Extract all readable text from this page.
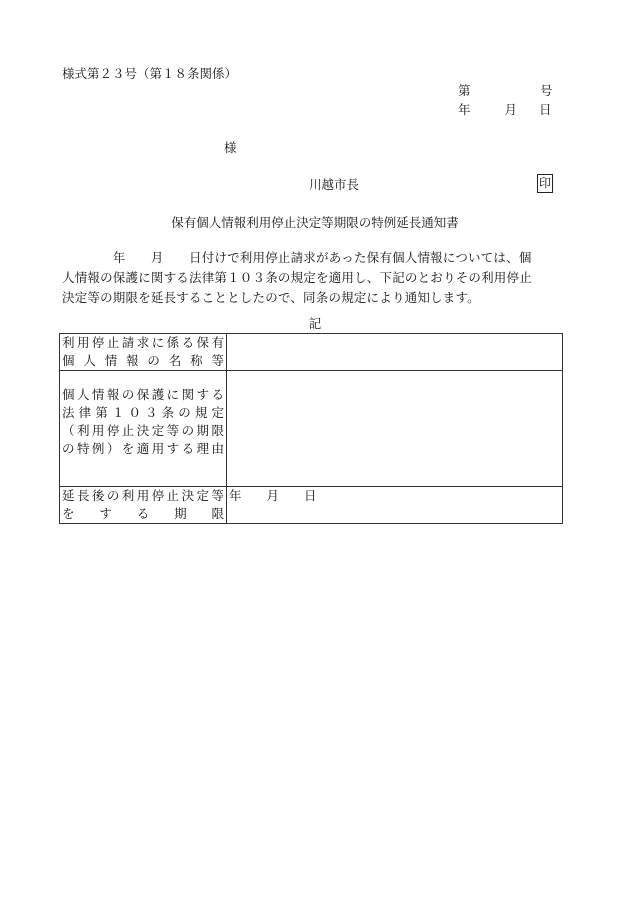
様式第２３号（第１８条関係）
第	号
年	月 日
様
川越市長	印
保有個人情報利用停止決定等期限の特例延長通知書
　　　　年　　月　　日付けで利用停止請求があった保有個人情報については、個
人情報の保護に関する法律第１０３条の規定を適用し、下記のとおりその利用停止
決定等の期限を延長することとしたので、同条の規定により通知します。
記
利用停止請求に係る保有
個人情報の名称等	

個人情報の保護に関する
法律第１０３条の規定
（利用停止決定等の期限
の特例）を適用する理由	

延長後の利用停止決定等
をする期限	年　　月　　日
